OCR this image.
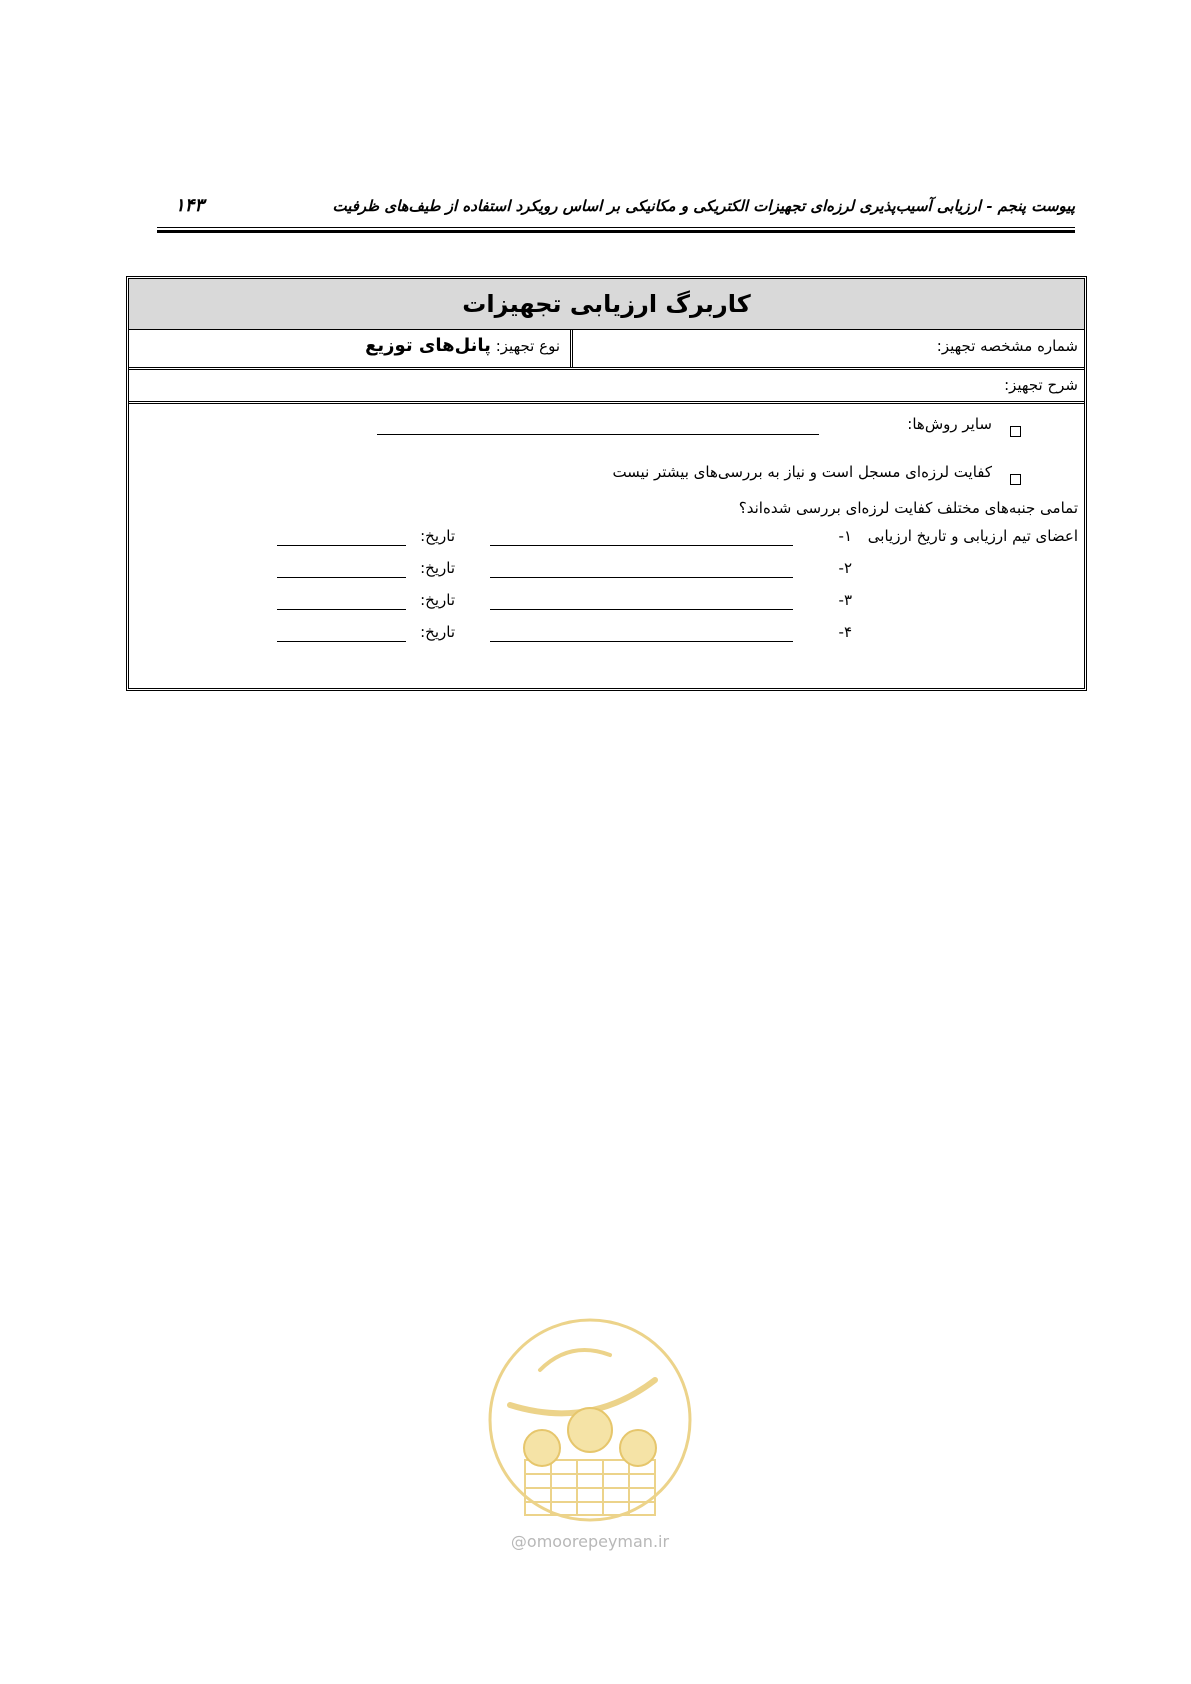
پیوست پنجم - ارزیابی آسیب‌پذیری لرزه‌ای تجهیزات الکتریکی و مکانیکی بر اساس رویکرد استفاده از طیف‌های ظرفیت
۱۴۳
کاربرگ ارزیابی تجهیزات
شماره مشخصه تجهیز:
نوع تجهیز: پانل‌های توزیع
شرح تجهیز:
سایر روش‌ها:
کفایت لرزه‌ای مسجل است و نیاز به بررسی‌های بیشتر نیست
تمامی جنبه‌های مختلف کفایت لرزه‌ای بررسی شده‌اند؟
اعضای تیم ارزیابی و تاریخ ارزیابی
۱-
تاریخ:
۲-
تاریخ:
۳-
تاریخ:
۴-
تاریخ:
@omoorepeyman.ir
